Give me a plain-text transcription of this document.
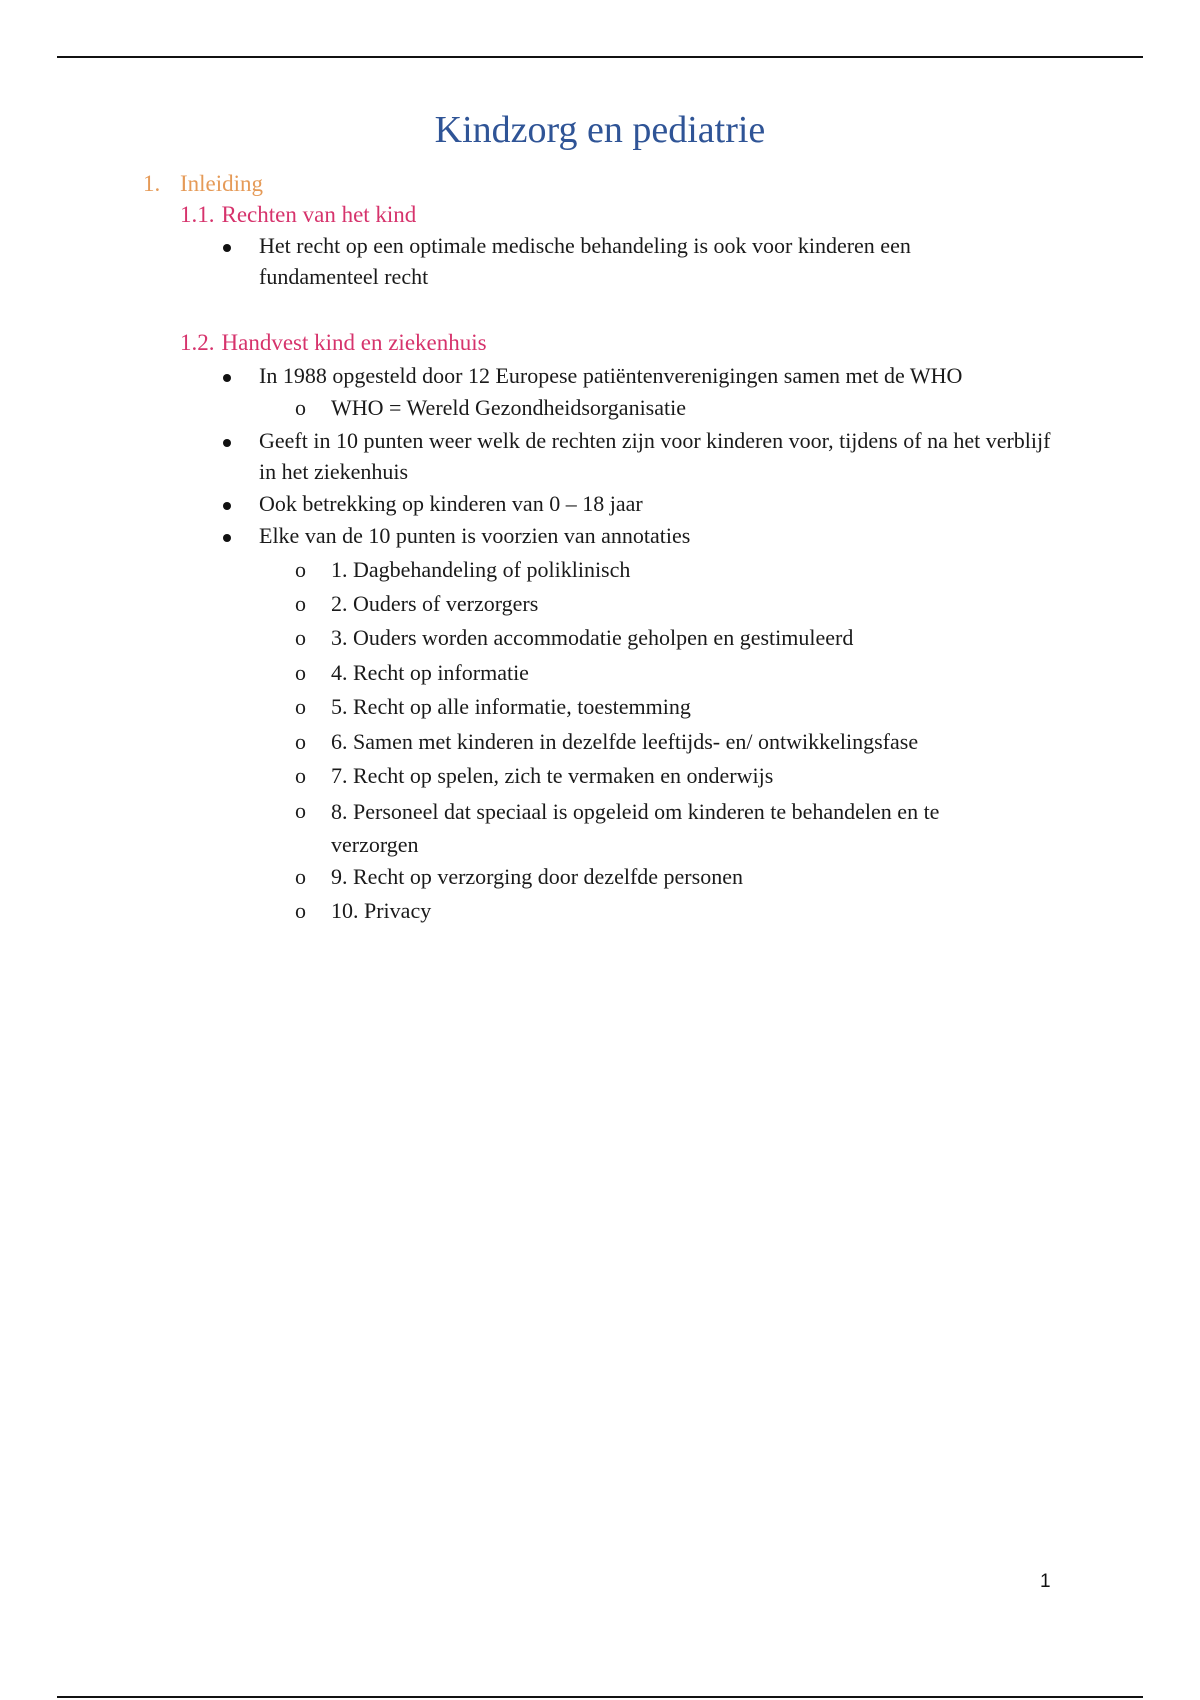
Kindzorg en pediatrie
1. Inleiding
1.1. Rechten van het kind
Het recht op een optimale medische behandeling is ook voor kinderen een fundamenteel recht
1.2. Handvest kind en ziekenhuis
In 1988 opgesteld door 12 Europese patiëntenverenigingen samen met de WHO
o WHO = Wereld Gezondheidsorganisatie
Geeft in 10 punten weer welk de rechten zijn voor kinderen voor, tijdens of na het verblijf in het ziekenhuis
Ook betrekking op kinderen van 0 – 18 jaar
Elke van de 10 punten is voorzien van annotaties
o 1. Dagbehandeling of poliklinisch
o 2. Ouders of verzorgers
o 3. Ouders worden accommodatie geholpen en gestimuleerd
o 4. Recht op informatie
o 5. Recht op alle informatie, toestemming
o 6. Samen met kinderen in dezelfde leeftijds- en/ ontwikkelingsfase
o 7. Recht op spelen, zich te vermaken en onderwijs
o 8. Personeel dat speciaal is opgeleid om kinderen te behandelen en te verzorgen
o 9. Recht op verzorging door dezelfde personen
o 10. Privacy
1
